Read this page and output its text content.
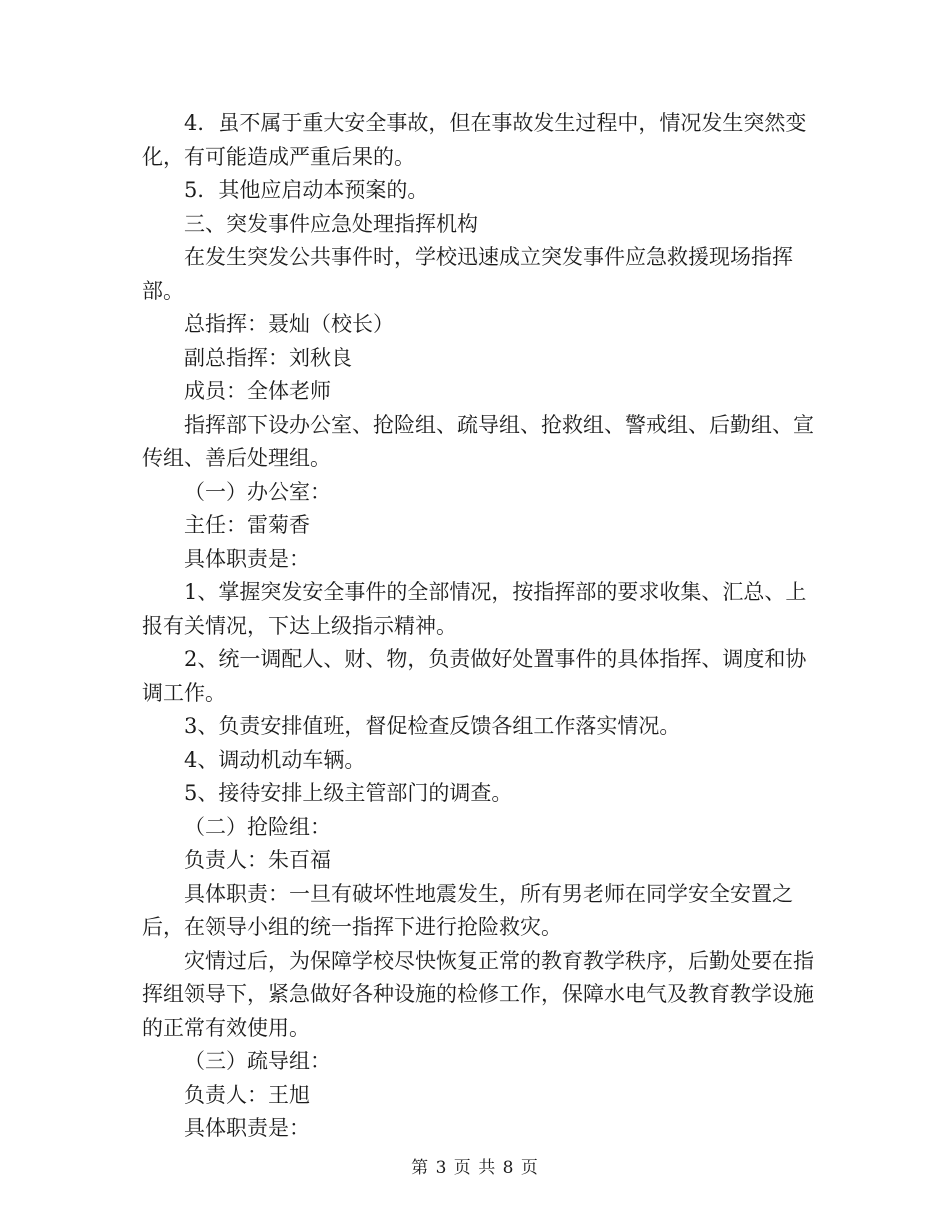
4．虽不属于重大安全事故，但在事故发生过程中，情况发生突然变化，有可能造成严重后果的。

5．其他应启动本预案的。

三、突发事件应急处理指挥机构

在发生突发公共事件时，学校迅速成立突发事件应急救援现场指挥部。

总指挥：聂灿（校长）

副总指挥：刘秋良

成员：全体老师

指挥部下设办公室、抢险组、疏导组、抢救组、警戒组、后勤组、宣传组、善后处理组。

（一）办公室：

主任：雷菊香

具体职责是：

1、掌握突发安全事件的全部情况，按指挥部的要求收集、汇总、上报有关情况，下达上级指示精神。

2、统一调配人、财、物，负责做好处置事件的具体指挥、调度和协调工作。

3、负责安排值班，督促检查反馈各组工作落实情况。

4、调动机动车辆。

5、接待安排上级主管部门的调查。

（二）抢险组：

负责人：朱百福

具体职责：一旦有破坏性地震发生，所有男老师在同学安全安置之后，在领导小组的统一指挥下进行抢险救灾。

灾情过后，为保障学校尽快恢复正常的教育教学秩序，后勤处要在指挥组领导下，紧急做好各种设施的检修工作，保障水电气及教育教学设施的正常有效使用。

（三）疏导组：

负责人：王旭

具体职责是：

第 3 页 共 8 页
